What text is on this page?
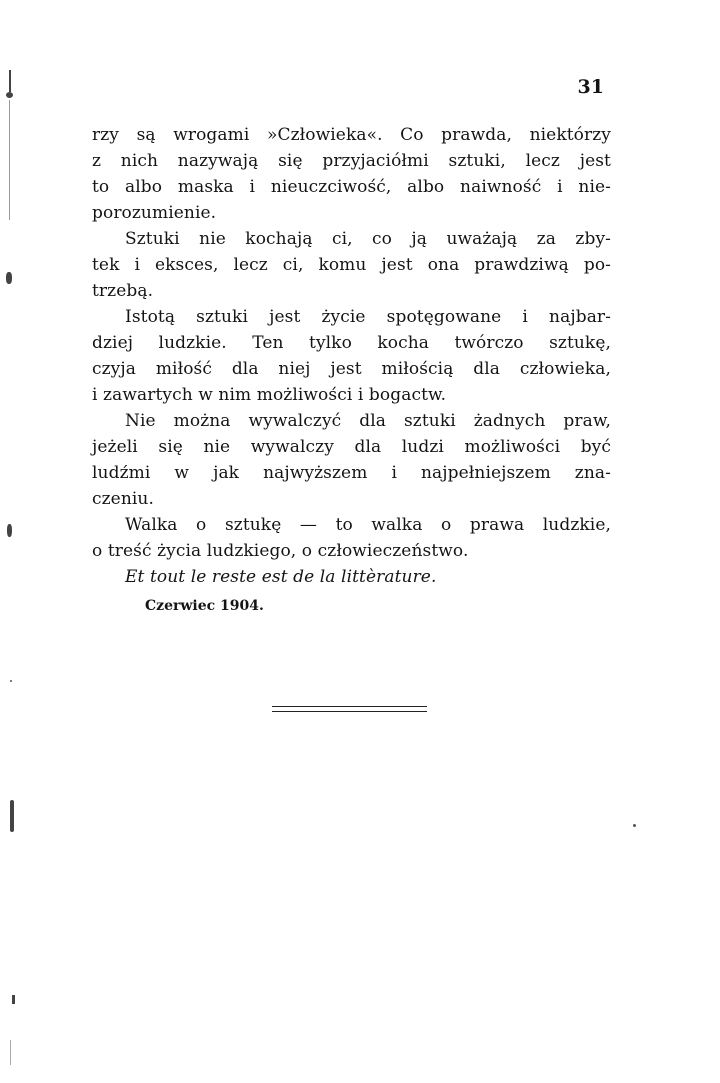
31
rzy są wrogami »Człowieka«. Co prawda, niektórzy
z nich nazywają się przyjaciółmi sztuki, lecz jest
to albo maska i nieuczciwość, albo naiwność i nie-
porozumienie.
Sztuki nie kochają ci, co ją uważają za zby-
tek i eksces, lecz ci, komu jest ona prawdziwą po-
trzebą.
Istotą sztuki jest życie spotęgowane i najbar-
dziej ludzkie. Ten tylko kocha twórczo sztukę,
czyja miłość dla niej jest miłością dla człowieka,
i zawartych w nim możliwości i bogactw.
Nie można wywalczyć dla sztuki żadnych praw,
jeżeli się nie wywalczy dla ludzi możliwości być
ludźmi w jak najwyższem i najpełniejszem zna-
czeniu.
Walka o sztukę — to walka o prawa ludzkie,
o treść życia ludzkiego, o człowieczeństwo.
Et tout le reste est de la littèrature.
Czerwiec 1904.
